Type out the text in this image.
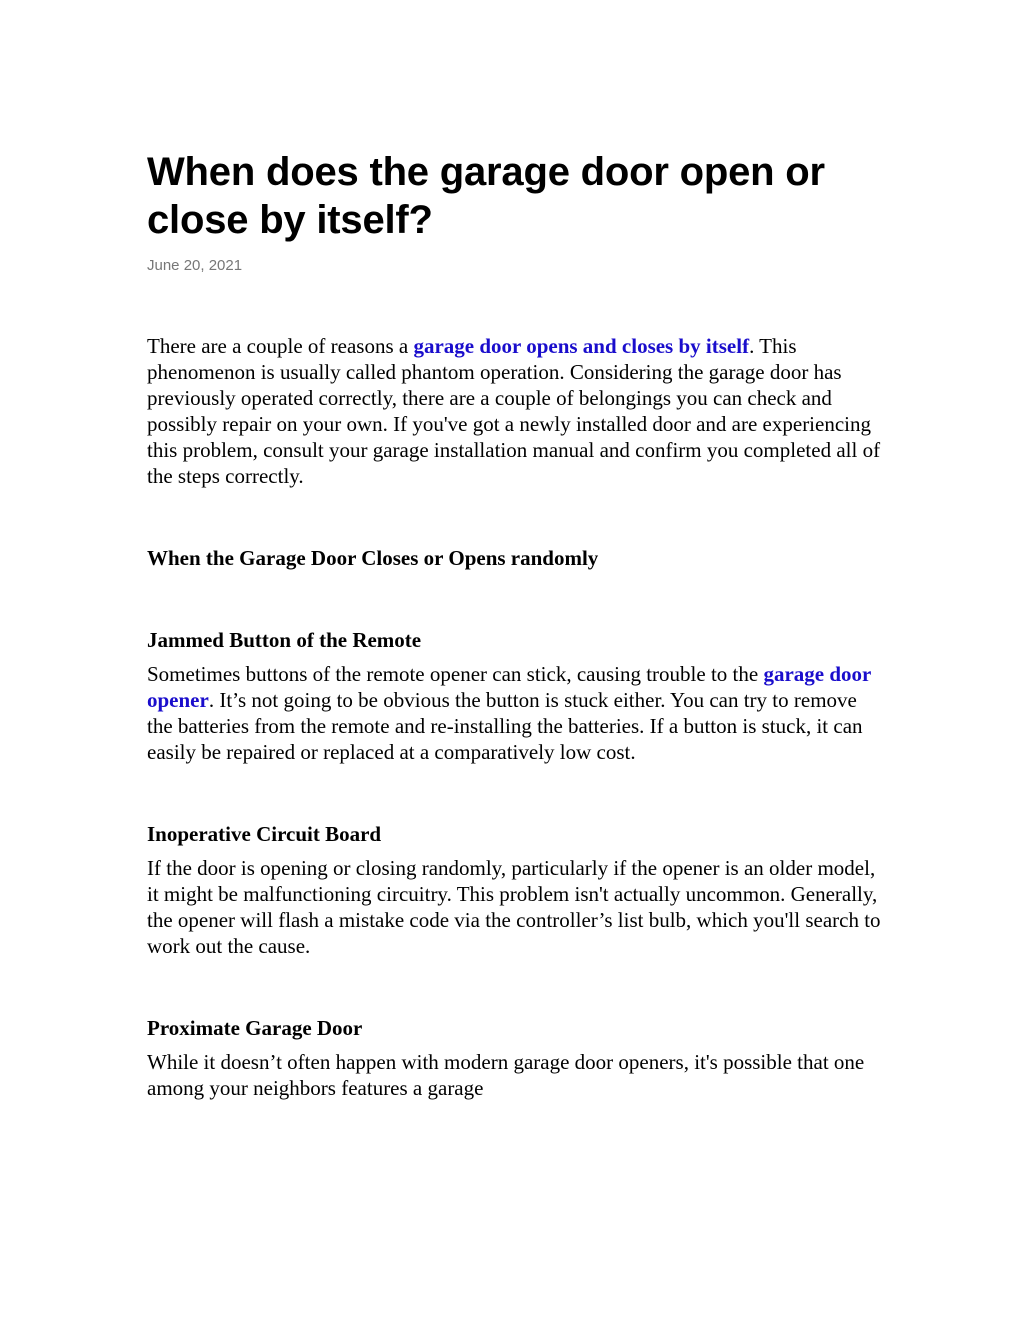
When does the garage door open or close by itself?
June 20, 2021

There are a couple of reasons a garage door opens and closes by itself. This phenomenon is usually called phantom operation. Considering the garage door has previously operated correctly, there are a couple of belongings you can check and possibly repair on your own. If you've got a newly installed door and are experiencing this problem, consult your garage installation manual and confirm you completed all of the steps correctly.

When the Garage Door Closes or Opens randomly
Jammed Button of the Remote

Sometimes buttons of the remote opener can stick, causing trouble to the garage door opener. It’s not going to be obvious the button is stuck either. You can try to remove the batteries from the remote and re-installing the batteries. If a button is stuck, it can easily be repaired or replaced at a comparatively low cost.

Inoperative Circuit Board

If the door is opening or closing randomly, particularly if the opener is an older model, it might be malfunctioning circuitry. This problem isn't actually uncommon. Generally, the opener will flash a mistake code via the controller’s list bulb, which you'll search to work out the cause.

Proximate Garage Door

While it doesn’t often happen with modern garage door openers, it's possible that one among your neighbors features a garage
